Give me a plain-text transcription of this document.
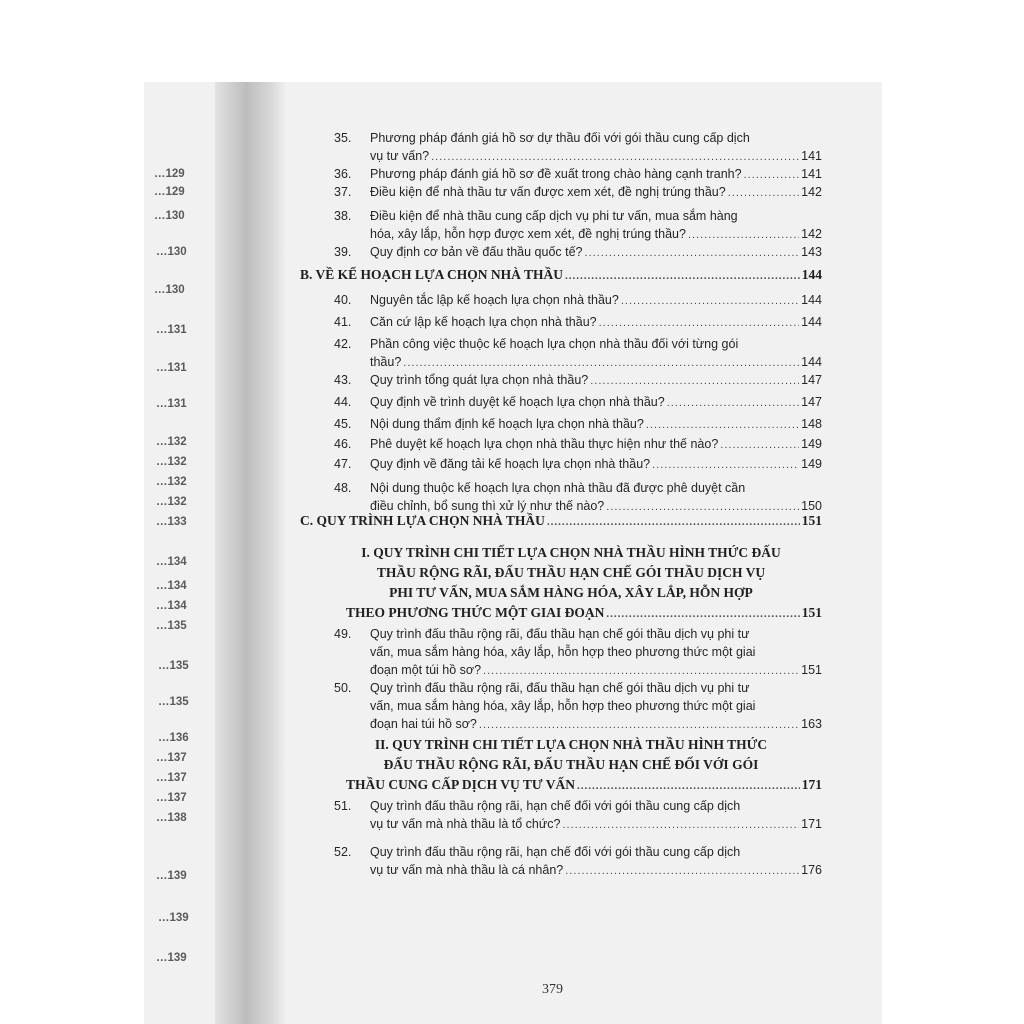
…129
…129
…130
…130
…130
…131
…131
…131
…132
…132
…132
…132
…133
…134
…134
…134
…135
…135
…135
…136
…137
…137
…137
…138
…139
…139
…139
35. Phương pháp đánh giá hồ sơ dự thầu đối với gói thầu cung cấp dịch
vụ tư vấn? .....	141
36. Phương pháp đánh giá hồ sơ đề xuất trong chào hàng cạnh tranh? .....	141
37. Điều kiện để nhà thầu tư vấn được xem xét, đề nghị trúng thầu? .....	142
38. Điều kiện để nhà thầu cung cấp dịch vụ phi tư vấn, mua sắm hàng
hóa, xây lắp, hỗn hợp được xem xét, đề nghị trúng thầu? .....	142
39. Quy định cơ bản về đấu thầu quốc tế? .....	143
B. VỀ KẾ HOẠCH LỰA CHỌN NHÀ THẦU .....	144
40. Nguyên tắc lập kế hoạch lựa chọn nhà thầu? .....	144
41. Căn cứ lập kế hoạch lựa chọn nhà thầu? .....	144
42. Phần công việc thuộc kế hoạch lựa chọn nhà thầu đối với từng gói
thầu? .....	144
43. Quy trình tổng quát lựa chọn nhà thầu? .....	147
44. Quy định về trình duyệt kế hoạch lựa chọn nhà thầu? .....	147
45. Nội dung thẩm định kế hoạch lựa chọn nhà thầu? .....	148
46. Phê duyệt kế hoạch lựa chọn nhà thầu thực hiện như thế nào? .....	149
47. Quy định về đăng tải kế hoạch lựa chọn nhà thầu? .....	149
48. Nội dung thuộc kế hoạch lựa chọn nhà thầu đã được phê duyệt cần
điều chỉnh, bổ sung thì xử lý như thế nào? .....	150
C. QUY TRÌNH LỰA CHỌN NHÀ THẦU .....	151
I. QUY TRÌNH CHI TIẾT LỰA CHỌN NHÀ THẦU HÌNH THỨC ĐẤU
THẦU RỘNG RÃI, ĐẤU THẦU HẠN CHẾ GÓI THẦU DỊCH VỤ
PHI TƯ VẤN, MUA SẮM HÀNG HÓA, XÂY LẮP, HỖN HỢP
THEO PHƯƠNG THỨC MỘT GIAI ĐOẠN .....	151
49. Quy trình đấu thầu rộng rãi, đấu thầu hạn chế gói thầu dịch vụ phi tư
vấn, mua sắm hàng hóa, xây lắp, hỗn hợp theo phương thức một giai
đoạn một túi hồ sơ? .....	151
50. Quy trình đấu thầu rộng rãi, đấu thầu hạn chế gói thầu dịch vụ phi tư
vấn, mua sắm hàng hóa, xây lắp, hỗn hợp theo phương thức một giai
đoạn hai túi hồ sơ? .....	163
II. QUY TRÌNH CHI TIẾT LỰA CHỌN NHÀ THẦU HÌNH THỨC
ĐẤU THẦU RỘNG RÃI, ĐẤU THẦU HẠN CHẾ ĐỐI VỚI GÓI
THẦU CUNG CẤP DỊCH VỤ TƯ VẤN .....	171
51. Quy trình đấu thầu rộng rãi, hạn chế đối với gói thầu cung cấp dịch
vụ tư vấn mà nhà thầu là tổ chức? .....	171
52. Quy trình đấu thầu rộng rãi, hạn chế đối với gói thầu cung cấp dịch
vụ tư vấn mà nhà thầu là cá nhân? .....	176
379
